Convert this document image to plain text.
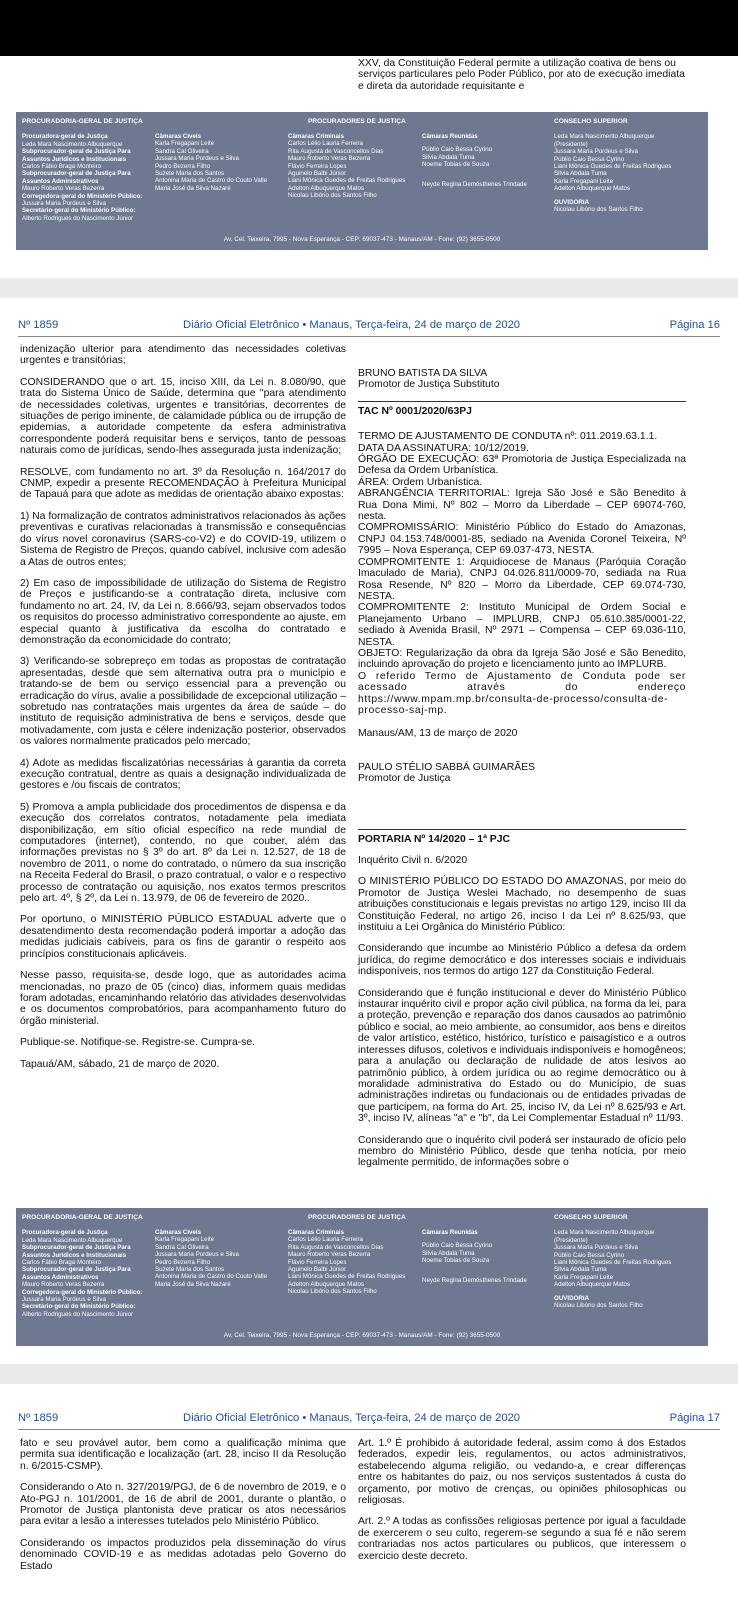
XXV, da Constituição Federal permite a utilização coativa de bens ou

serviços particulares pelo Poder Público, por ato de execução imediata

e direta da autoridade requisitante e

PROCURADORIA-GERAL DE JUSTIÇA
Procuradora-geral de Justiça
Leda Mara Nascimento Albuquerque
Subprocurador-geral de Justiça Para
Assuntos Jurídicos e Institucionais
Carlos Fábio Braga Monteiro
Subprocurador-geral de Justiça Para
Assuntos Administrativos
Mauro Roberto Veras Bezerra
Corregedora-geral do Ministério Público:
Jussara Maria Pordeus e Silva
Secretário-geral do Ministério Público:
Alberto Rodrigues do Nascimento Júnior
PROCURADORES DE JUSTIÇA
Câmaras Cíveis
Karla Fregapani Leite
Sandra Cal Oliveira
Jussara Maria Pordeus e Silva
Pedro Bezerra Filho
Suzete Maria dos Santos
Antonina Maria de Castro do Couto Valle
Maria José da Silva Nazaré
Câmaras Criminais
Carlos Lélio Lauria Ferreira
Rita Augusta de Vasconcellos Dias
Mauro Roberto Veras Bezerra
Flávio Ferreira Lopes
Aguinelo Balbi Júnior
Liani Mônica Guedes de Freitas Rodrigues
Adelton Albuquerque Matos
Nicolau Libório dos Santos Filho
Câmaras Reunidas
Públio Caio Bessa Cyrino
Silvia Abdala Tuma
Noeme Tobias de Souza
Neyde Regina Demósthenes Trindade
CONSELHO SUPERIOR
Leda Mara Nascimento Albuquerque
(Presidente)
Jussara Maria Pordeus e Silva
Públio Caio Bessa Cyrino
Liani Mônica Guedes de Freitas Rodrigues
Silvia Abdala Tuma
Karla Fregapani Leite
Adelton Albuquerque Matos
OUVIDORIA
Nicolau Libório dos Santos Filho
Av. Cel. Teixeira, 7995 - Nova Esperança - CEP: 69037-473 - Manaus/AM - Fone: (92) 3655-0500
Nº 1859	Diário Oficial Eletrônico • Manaus, Terça-feira, 24 de março de 2020	Página 16

indenização ulterior para atendimento das necessidades coletivas urgentes e transitórias;

CONSIDERANDO que o art. 15, inciso XIII, da Lei n. 8.080/90, que trata do Sistema Único de Saúde, determina que "para atendimento de necessidades coletivas, urgentes e transitórias, decorrentes de situações de perigo iminente, de calamidade pública ou de irrupção de epidemias, a autoridade competente da esfera administrativa correspondente poderá requisitar bens e serviços, tanto de pessoas naturais como de jurídicas, sendo-lhes assegurada justa indenização;

RESOLVE, com fundamento no art. 3º da Resolução n. 164/2017 do CNMP, expedir a presente RECOMENDAÇÃO à Prefeitura Municipal de Tapauá para que adote as medidas de orientação abaixo expostas:

1) Na formalização de contratos administrativos relacionados às ações preventivas e curativas relacionadas à transmissão e consequências do vírus novel coronavirus (SARS-co-V2) e do COVID-19, utilizem o Sistema de Registro de Preços, quando cabível, inclusive com adesão a Atas de outros entes;

2) Em caso de impossibilidade de utilização do Sistema de Registro de Preços e justificando-se a contratação direta, inclusive com fundamento no art. 24, IV, da Lei n. 8.666/93, sejam observados todos os requisitos do processo administrativo correspondente ao ajuste, em especial quanto à justificativa da escolha do contratado e demonstração da economicidade do contrato;

3) Verificando-se sobrepreço em todas as propostas de contratação apresentadas, desde que sem alternativa outra pra o município e tratando-se de bem ou serviço essencial para a prevenção ou erradicação do vírus, avalie a possibilidade de excepcional utilização – sobretudo nas contratações mais urgentes da área de saúde – do instituto de requisição administrativa de bens e serviços, desde que motivadamente, com justa e célere indenização posterior, observados os valores normalmente praticados pelo mercado;

4) Adote as medidas fiscalizatórias necessárias à garantia da correta execução contratual, dentre as quais a designação individualizada de gestores e /ou fiscais de contratos;

5) Promova a ampla publicidade dos procedimentos de dispensa e da execução dos correlatos contratos, notadamente pela imediata disponibilização, em sítio oficial específico na rede mundial de computadores (internet), contendo, no que couber, além das informações previstas no § 3º do art. 8º da Lei n. 12.527, de 18 de novembro de 2011, o nome do contratado, o número da sua inscrição na Receita Federal do Brasil, o prazo contratual, o valor e o respectivo processo de contratação ou aquisição, nos exatos termos prescritos pelo art. 4º, § 2º, da Lei n. 13.979, de 06 de fevereiro de 2020..

Por oportuno, o MINISTÉRIO PÚBLICO ESTADUAL adverte que o desatendimento desta recomendação poderá importar a adoção das medidas judiciais cabíveis, para os fins de garantir o respeito aos princípios constitucionais aplicáveis.

Nesse passo, requisita-se, desde logo, que as autoridades acima mencionadas, no prazo de 05 (cinco) dias, informem quais medidas foram adotadas, encaminhando relatório das atividades desenvolvidas e os documentos comprobatórios, para acompanhamento futuro do órgão ministerial.

Publique-se. Notifique-se. Registre-se. Cumpra-se.

Tapauá/AM, sábado, 21 de março de 2020.

BRUNO BATISTA DA SILVA

Promotor de Justiça Substituto

TAC Nº 0001/2020/63PJ

TERMO DE AJUSTAMENTO DE CONDUTA nº: 011.2019.63.1.1.

DATA DA ASSINATURA: 10/12/2019.

ÓRGÃO DE EXECUÇÃO: 63ª Promotoria de Justiça Especializada na Defesa da Ordem Urbanística.

ÁREA: Ordem Urbanística.

ABRANGÊNCIA TERRITORIAL: Igreja São José e São Benedito à Rua Dona Mimi, Nº 802 – Morro da Liberdade – CEP 69074-760, nesta.

COMPROMISSÁRIO: Ministério Público do Estado do Amazonas, CNPJ 04.153.748/0001-85, sediado na Avenida Coronel Teixeira, Nº 7995 – Nova Esperança, CEP 69.037-473, NESTA.

COMPROMITENTE 1: Arquidiocese de Manaus (Paróquia Coração Imaculado de Maria), CNPJ 04.026.811/0009-70, sediada na Rua Rosa Resende, Nº 820 – Morro da Liberdade, CEP 69.074-730, NESTA.

COMPROMITENTE 2: Instituto Municipal de Ordem Social e Planejamento Urbano – IMPLURB, CNPJ 05.610.385/0001-22, sediado à Avenida Brasil, Nº 2971 – Compensa – CEP 69.036-110, NESTA.

OBJETO: Regularização da obra da Igreja São José e São Benedito, incluindo aprovação do projeto e licenciamento junto ao IMPLURB.

O referido Termo de Ajustamento de Conduta pode ser acessado através do endereço https://www.mpam.mp.br/consulta-de-processo/consulta-de-processo-saj-mp.

Manaus/AM, 13 de março de 2020

PAULO STÉLIO SABBÁ GUIMARÃES

Promotor de Justiça

PORTARIA Nº 14/2020 – 1ª PJC

Inquérito Civil n. 6/2020

O MINISTÉRIO PÚBLICO DO ESTADO DO AMAZONAS, por meio do Promotor de Justiça Weslei Machado, no desempenho de suas atribuições constitucionais e legais previstas no artigo 129, inciso III da Constituição Federal, no artigo 26, inciso I da Lei nº 8.625/93, que instituiu a Lei Orgânica do Ministério Público:

Considerando que incumbe ao Ministério Público a defesa da ordem jurídica, do regime democrático e dos interesses sociais e individuais indisponíveis, nos termos do artigo 127 da Constituição Federal.

Considerando que é função institucional e dever do Ministério Público instaurar inquérito civil e propor ação civil pública, na forma da lei, para a proteção, prevenção e reparação dos danos causados ao patrimônio público e social, ao meio ambiente, ao consumidor, aos bens e direitos de valor artístico, estético, histórico, turístico e paisagístico e a outros interesses difusos, coletivos e individuais indisponíveis e homogêneos; para a anulação ou declaração de nulidade de atos lesivos ao patrimônio público, à ordem jurídica ou ao regime democrático ou à moralidade administrativa do Estado ou do Município, de suas administrações indiretas ou fundacionais ou de entidades privadas de que participem, na forma do Art. 25, inciso IV, da Lei nº 8.625/93 e Art. 3º, inciso IV, alíneas "a" e "b", da Lei Complementar Estadual nº 11/93.

Considerando que o inquérito civil poderá ser instaurado de ofício pelo membro do Ministério Público, desde que tenha notícia, por meio legalmente permitido, de informações sobre o

PROCURADORIA-GERAL DE JUSTIÇA
Procuradora-geral de Justiça
Leda Mara Nascimento Albuquerque
Subprocurador-geral de Justiça Para
Assuntos Jurídicos e Institucionais
Carlos Fábio Braga Monteiro
Subprocurador-geral de Justiça Para
Assuntos Administrativos
Mauro Roberto Veras Bezerra
Corregedora-geral do Ministério Público:
Jussara Maria Pordeus e Silva
Secretário-geral do Ministério Público:
Alberto Rodrigues do Nascimento Júnior
PROCURADORES DE JUSTIÇA
Câmaras Cíveis
Karla Fregapani Leite
Sandra Cal Oliveira
Jussara Maria Pordeus e Silva
Pedro Bezerra Filho
Suzete Maria dos Santos
Antonina Maria de Castro do Couto Valle
Maria José da Silva Nazaré
Câmaras Criminais
Carlos Lélio Lauria Ferreira
Rita Augusta de Vasconcellos Dias
Mauro Roberto Veras Bezerra
Flávio Ferreira Lopes
Aguinelo Balbi Júnior
Liani Mônica Guedes de Freitas Rodrigues
Adelton Albuquerque Matos
Nicolau Libório dos Santos Filho
Câmaras Reunidas
Públio Caio Bessa Cyrino
Silvia Abdala Tuma
Noeme Tobias de Souza
Neyde Regina Demósthenes Trindade
CONSELHO SUPERIOR
Leda Mara Nascimento Albuquerque
(Presidente)
Jussara Maria Pordeus e Silva
Públio Caio Bessa Cyrino
Liani Mônica Guedes de Freitas Rodrigues
Silvia Abdala Tuma
Karla Fregapani Leite
Adelton Albuquerque Matos
OUVIDORIA
Nicolau Libório dos Santos Filho
Av. Cel. Teixeira, 7995 - Nova Esperança - CEP: 69037-473 - Manaus/AM - Fone: (92) 3655-0500
Nº 1859	Diário Oficial Eletrônico • Manaus, Terça-feira, 24 de março de 2020	Página 17

fato e seu provável autor, bem como a qualificação mínima que permita sua identificação e localização (art. 28, inciso II da Resolução n. 6/2015-CSMP).

Considerando o Ato n. 327/2019/PGJ, de 6 de novembro de 2019, e o Ato-PGJ n. 101/2001, de 16 de abril de 2001, durante o plantão, o Promotor de Justiça plantonista deve praticar os atos necessários para evitar a lesão a interesses tutelados pelo Ministério Público.

Considerando os impactos produzidos pela disseminação do vírus denominado COVID-19 e as medidas adotadas pelo Governo do Estado

Art. 1.º É prohibido á autoridade federal, assim como á dos Estados federados, expedir leis, regulamentos, ou actos administrativos, estabelecendo alguma religião, ou vedando-a, e crear differenças entre os habitantes do paiz, ou nos serviços sustentados á custa do orçamento, por motivo de crenças, ou opiniões philosophicas ou religiosas.

Art. 2.º A todas as confissões religiosas pertence por igual a faculdade de exercerem o seu culto, regerem-se segundo a sua fé e não serem contrariadas nos actos particulares ou publicos, que interessem o exercicio deste decreto.
